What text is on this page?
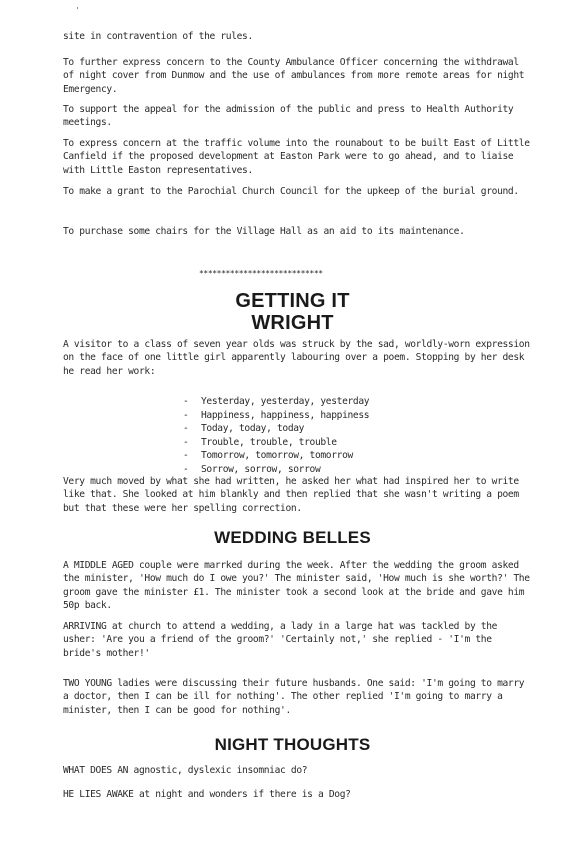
'
site in contravention of the rules.
To further express concern to the County Ambulance Officer concerning the withdrawal of night cover from Dunmow and the use of ambulances from more remote areas for night Emergency.
To support the appeal for the admission of the public and press to Health Authority meetings.
To express concern at the traffic volume into the rounabout to be built East of Little Canfield if the proposed development at Easton Park were to go ahead, and to liaise with Little Easton representatives.
To make a grant to the Parochial Church Council for the upkeep of the burial ground.
To purchase some chairs for the Village Hall as an aid to its maintenance.
****************************
GETTING IT
WRIGHT
A visitor to a class of seven year olds was struck by the sad, worldly-worn expression on the face of one little girl apparently labouring over a poem. Stopping by her desk he read her work:
- Yesterday, yesterday, yesterday
- Happiness, happiness, happiness
- Today, today, today
- Trouble, trouble, trouble
- Tomorrow, tomorrow, tomorrow
- Sorrow, sorrow, sorrow
Very much moved by what she had written, he asked her what had inspired her to write like that. She looked at him blankly and then replied that she wasn't writing a poem but that these were her spelling correction.
WEDDING BELLES
A MIDDLE AGED couple were marrked during the week. After the wedding the groom asked the minister, 'How much do I owe you?' The minister said, 'How much is she worth?' The groom gave the minister £1. The minister took a second look at the bride and gave him 50p back.
ARRIVING at church to attend a wedding, a lady in a large hat was tackled by the usher: 'Are you a friend of the groom?' 'Certainly not,' she replied - 'I'm the bride's mother!'
TWO YOUNG ladies were discussing their future husbands. One said: 'I'm going to marry a doctor, then I can be ill for nothing'. The other replied 'I'm going to marry a minister, then I can be good for nothing'.
NIGHT THOUGHTS
WHAT DOES AN agnostic, dyslexic insomniac do?
HE LIES AWAKE at night and wonders if there is a Dog?
